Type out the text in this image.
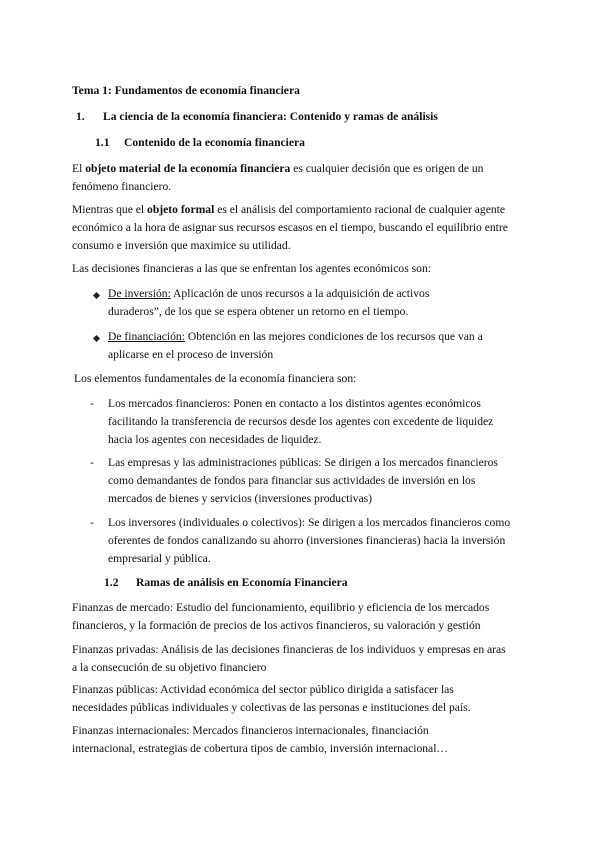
Tema 1: Fundamentos de economía financiera
1. La ciencia de la economía financiera: Contenido y ramas de análisis
1.1 Contenido de la economía financiera
El objeto material de la economía financiera es cualquier decisión que es origen de un
fenómeno financiero.
Mientras que el objeto formal es el análisis del comportamiento racional de cualquier agente
económico a la hora de asignar sus recursos escasos en el tiempo, buscando el equilibrio entre
consumo e inversión que maximice su utilidad.
Las decisiones financieras a las que se enfrentan los agentes económicos son:
De inversión: Aplicación de unos recursos a la adquisición de activos
duraderos”, de los que se espera obtener un retorno en el tiempo.
De financiación: Obtención en las mejores condiciones de los recursos que van a
aplicarse en el proceso de inversión
Los elementos fundamentales de la economía financiera son:
- Los mercados financieros: Ponen en contacto a los distintos agentes económicos
facilitando la transferencia de recursos desde los agentes con excedente de liquidez
hacia los agentes con necesidades de liquidez.
- Las empresas y las administraciones públicas: Se dirigen a los mercados financieros
como demandantes de fondos para financiar sus actividades de inversión en los
mercados de bienes y servicios (inversiones productivas)
- Los inversores (individuales o colectivos): Se dirigen a los mercados financieros como
oferentes de fondos canalizando su ahorro (inversiones financieras) hacia la inversión
empresarial y pública.
1.2 Ramas de análisis en Economía Financiera
Finanzas de mercado: Estudio del funcionamiento, equilibrio y eficiencia de los mercados
financieros, y la formación de precios de los activos financieros, su valoración y gestión
Finanzas privadas: Análisis de las decisiones financieras de los individuos y empresas en aras
a la consecución de su objetivo financiero
Finanzas públicas: Actividad económica del sector público dirigida a satisfacer las
necesidades públicas individuales y colectivas de las personas e instituciones del país.
Finanzas internacionales: Mercados financieros internacionales, financiación
internacional, estrategias de cobertura tipos de cambio, inversión internacional…
